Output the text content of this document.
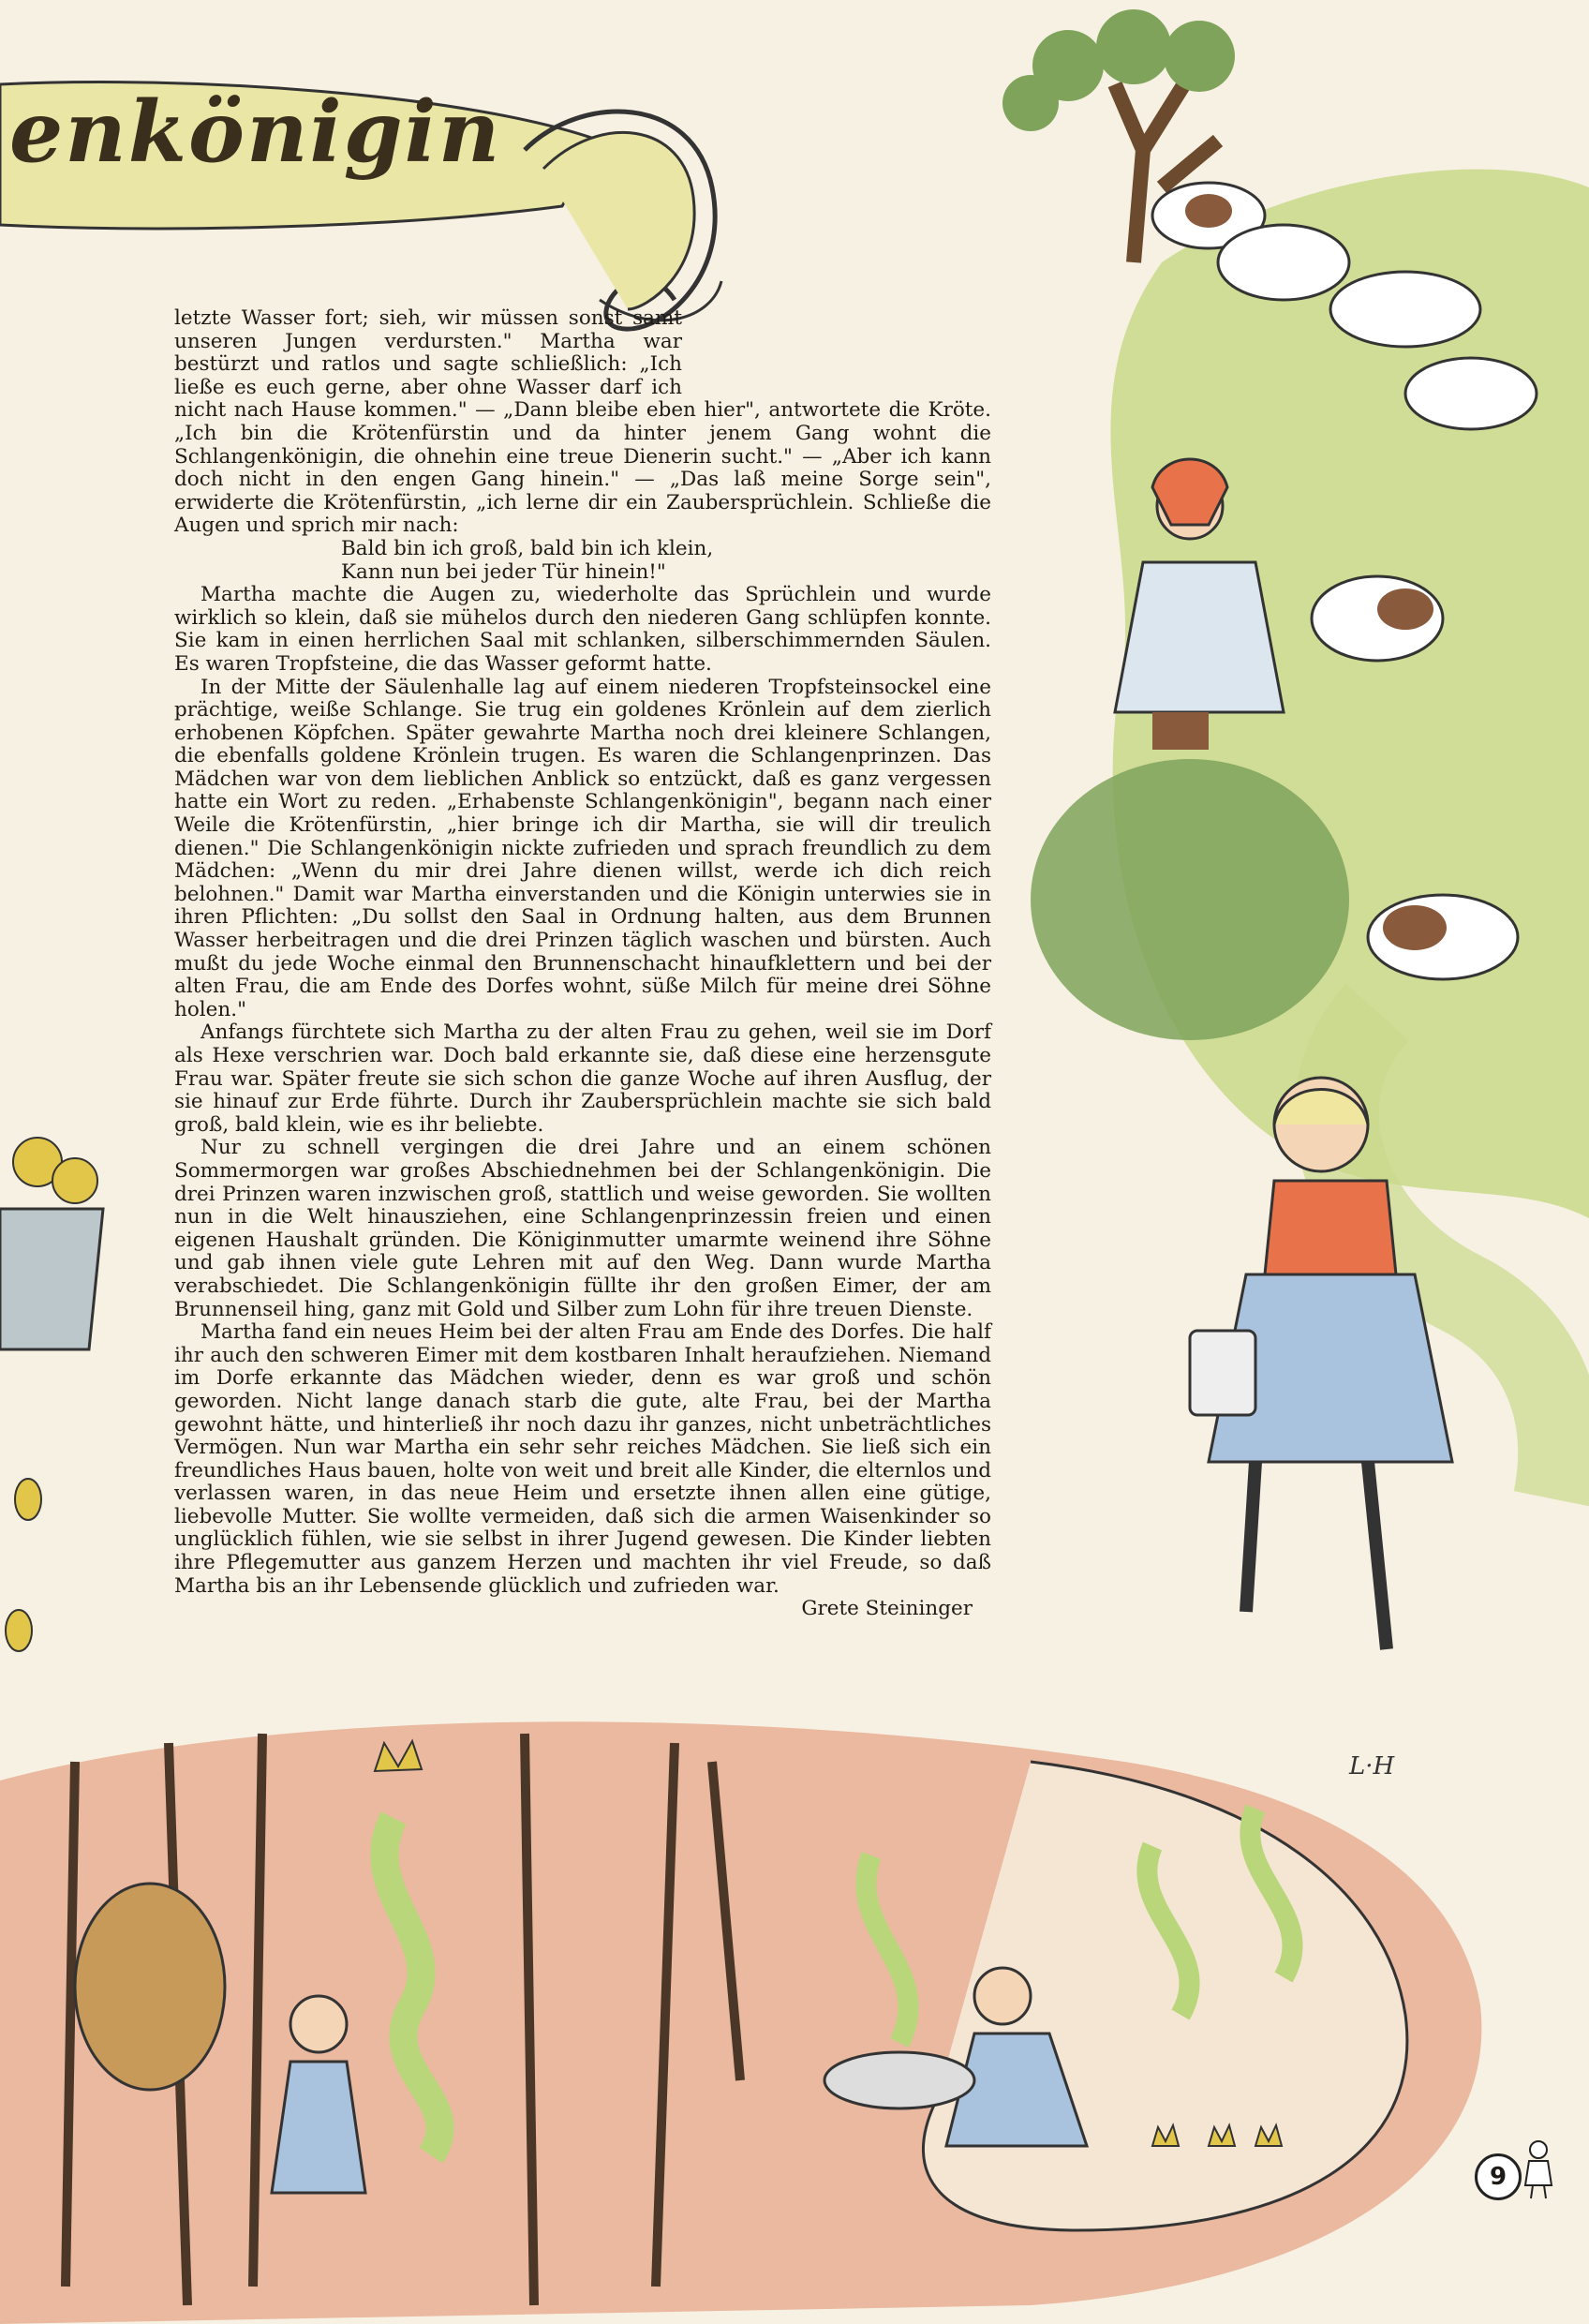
enkönigin

letzte Wasser fort; sieh, wir müssen sonst samt unseren Jungen verdursten." Martha war bestürzt und ratlos und sagte schließlich: „Ich ließe es euch gerne, aber ohne Wasser darf ich nicht nach Hause kommen." — „Dann bleibe eben hier", antwortete die Kröte. „Ich bin die Krötenfürstin und da hinter jenem Gang wohnt die Schlangenkönigin, die ohnehin eine treue Dienerin sucht." — „Aber ich kann doch nicht in den engen Gang hinein." — „Das laß meine Sorge sein", erwiderte die Krötenfürstin, „ich lerne dir ein Zaubersprüchlein. Schließe die Augen und sprich mir nach:

Bald bin ich groß, bald bin ich klein,

Kann nun bei jeder Tür hinein!"

Martha machte die Augen zu, wiederholte das Sprüchlein und wurde wirklich so klein, daß sie mühelos durch den niederen Gang schlüpfen konnte. Sie kam in einen herrlichen Saal mit schlanken, silberschimmernden Säulen. Es waren Tropfsteine, die das Wasser geformt hatte.

In der Mitte der Säulenhalle lag auf einem niederen Tropfsteinsockel eine prächtige, weiße Schlange. Sie trug ein goldenes Krönlein auf dem zierlich erhobenen Köpfchen. Später gewahrte Martha noch drei kleinere Schlangen, die ebenfalls goldene Krönlein trugen. Es waren die Schlangenprinzen. Das Mädchen war von dem lieblichen Anblick so entzückt, daß es ganz vergessen hatte ein Wort zu reden. „Erhabenste Schlangenkönigin", begann nach einer Weile die Krötenfürstin, „hier bringe ich dir Martha, sie will dir treulich dienen." Die Schlangenkönigin nickte zufrieden und sprach freundlich zu dem Mädchen: „Wenn du mir drei Jahre dienen willst, werde ich dich reich belohnen." Damit war Martha einverstanden und die Königin unterwies sie in ihren Pflichten: „Du sollst den Saal in Ordnung halten, aus dem Brunnen Wasser herbeitragen und die drei Prinzen täglich waschen und bürsten. Auch mußt du jede Woche einmal den Brunnenschacht hinaufklettern und bei der alten Frau, die am Ende des Dorfes wohnt, süße Milch für meine drei Söhne holen."

Anfangs fürchtete sich Martha zu der alten Frau zu gehen, weil sie im Dorf als Hexe verschrien war. Doch bald erkannte sie, daß diese eine herzensgute Frau war. Später freute sie sich schon die ganze Woche auf ihren Ausflug, der sie hinauf zur Erde führte. Durch ihr Zaubersprüchlein machte sie sich bald groß, bald klein, wie es ihr beliebte.

Nur zu schnell vergingen die drei Jahre und an einem schönen Sommermorgen war großes Abschiednehmen bei der Schlangenkönigin. Die drei Prinzen waren inzwischen groß, stattlich und weise geworden. Sie wollten nun in die Welt hinausziehen, eine Schlangenprinzessin freien und einen eigenen Haushalt gründen. Die Königinmutter umarmte weinend ihre Söhne und gab ihnen viele gute Lehren mit auf den Weg. Dann wurde Martha verabschiedet. Die Schlangenkönigin füllte ihr den großen Eimer, der am Brunnenseil hing, ganz mit Gold und Silber zum Lohn für ihre treuen Dienste.

Martha fand ein neues Heim bei der alten Frau am Ende des Dorfes. Die half ihr auch den schweren Eimer mit dem kostbaren Inhalt heraufziehen. Niemand im Dorfe erkannte das Mädchen wieder, denn es war groß und schön geworden. Nicht lange danach starb die gute, alte Frau, bei der Martha gewohnt hätte, und hinterließ ihr noch dazu ihr ganzes, nicht unbeträchtliches Vermögen. Nun war Martha ein sehr sehr reiches Mädchen. Sie ließ sich ein freundliches Haus bauen, holte von weit und breit alle Kinder, die elternlos und verlassen waren, in das neue Heim und ersetzte ihnen allen eine gütige, liebevolle Mutter. Sie wollte vermeiden, daß sich die armen Waisenkinder so unglücklich fühlen, wie sie selbst in ihrer Jugend gewesen. Die Kinder liebten ihre Pflegemutter aus ganzem Herzen und machten ihr viel Freude, so daß Martha bis an ihr Lebensende glücklich und zufrieden war.

Grete Steininger

L·H
9
